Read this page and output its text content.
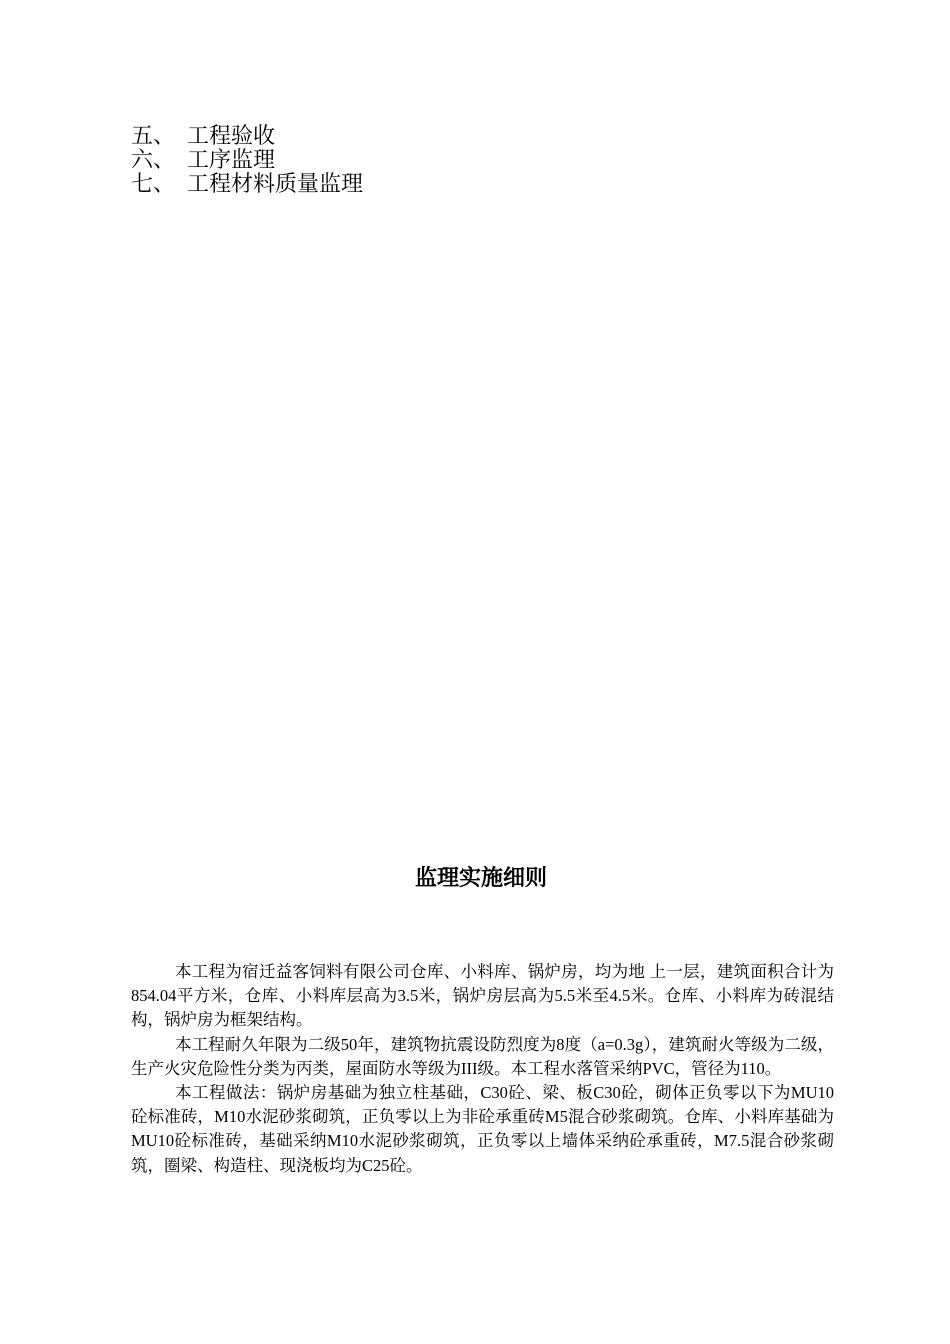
五、 工程验收
六、 工序监理
七、 工程材料质量监理
监理实施细则

本工程为宿迁益客饲料有限公司仓库、小料库、锅炉房，均为地 上一层，建筑面积合计为854.04平方米，仓库、小料库层高为3.5米，锅炉房层高为5.5米至4.5米。仓库、小料库为砖混结构，锅炉房为框架结构。

本工程耐久年限为二级50年，建筑物抗震设防烈度为8度（a=0.3g），建筑耐火等级为二级，生产火灾危险性分类为丙类，屋面防水等级为III级。本工程水落管采纳PVC，管径为110。

本工程做法：锅炉房基础为独立柱基础，C30砼、梁、板C30砼，砌体正负零以下为MU10砼标准砖，M10水泥砂浆砌筑，正负零以上为非砼承重砖M5混合砂浆砌筑。仓库、小料库基础为MU10砼标准砖，基础采纳M10水泥砂浆砌筑，正负零以上墙体采纳砼承重砖，M7.5混合砂浆砌筑，圈梁、构造柱、现浇板均为C25砼。
